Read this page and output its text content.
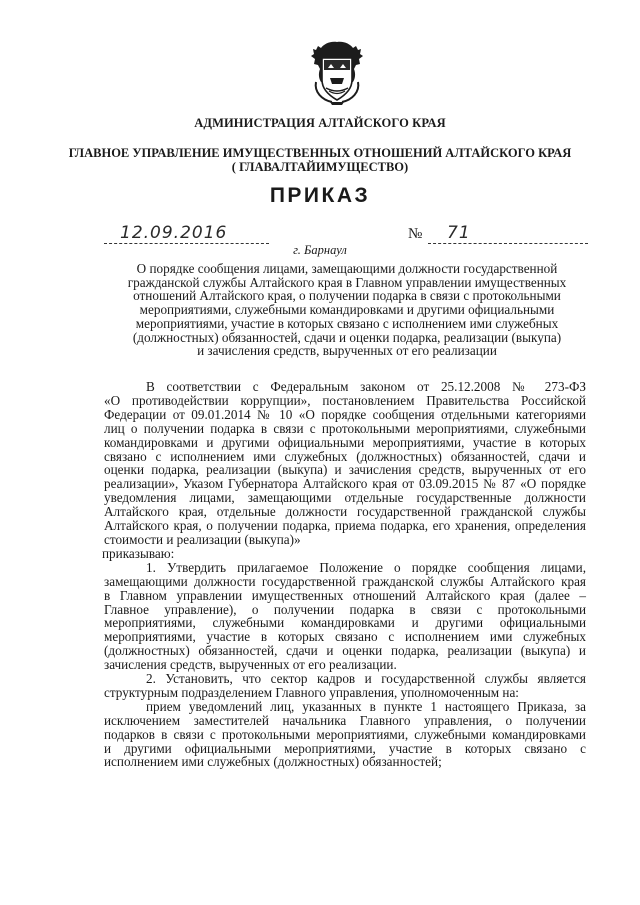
АДМИНИСТРАЦИЯ АЛТАЙСКОГО КРАЯ
ГЛАВНОЕ УПРАВЛЕНИЕ ИМУЩЕСТВЕННЫХ ОТНОШЕНИЙ АЛТАЙСКОГО КРАЯ
( ГЛАВАЛТАЙИМУЩЕСТВО)
ПРИКАЗ
12.09.2016	№ 71
г. Барнаул
О порядке сообщения лицами, замещающими должности государственной
гражданской службы Алтайского края в Главном управлении имущественных
отношений Алтайского края, о получении подарка в связи с протокольными
мероприятиями, служебными командировками и другими официальными
мероприятиями, участие в которых связано с исполнением ими служебных
(должностных) обязанностей, сдачи и оценки подарка, реализации (выкупа)
и зачисления средств, вырученных от его реализации
В соответствии с Федеральным законом от 25.12.2008 № 273-ФЗ
«О противодействии коррупции», постановлением Правительства Российской
Федерации от 09.01.2014 № 10 «О порядке сообщения отдельными категориями
лиц о получении подарка в связи с протокольными мероприятиями, служебными
командировками и другими официальными мероприятиями, участие в которых
связано с исполнением ими служебных (должностных) обязанностей, сдачи и
оценки подарка, реализации (выкупа) и зачисления средств, вырученных от его
реализации», Указом Губернатора Алтайского края от 03.09.2015 № 87 «О порядке
уведомления лицами, замещающими отдельные государственные должности
Алтайского края, отдельные должности государственной гражданской службы
Алтайского края, о получении подарка, приема подарка, его хранения, определения
стоимости и реализации (выкупа)»
приказываю:
1. Утвердить прилагаемое Положение о порядке сообщения лицами,
замещающими должности государственной гражданской службы Алтайского края
в Главном управлении имущественных отношений Алтайского края (далее –
Главное управление), о получении подарка в связи с протокольными
мероприятиями, служебными командировками и другими официальными
мероприятиями, участие в которых связано с исполнением ими служебных
(должностных) обязанностей, сдачи и оценки подарка, реализации (выкупа) и
зачисления средств, вырученных от его реализации.
2. Установить, что сектор кадров и государственной службы является
структурным подразделением Главного управления, уполномоченным на:
прием уведомлений лиц, указанных в пункте 1 настоящего Приказа, за
исключением заместителей начальника Главного управления, о получении
подарков в связи с протокольными мероприятиями, служебными командировками
и другими официальными мероприятиями, участие в которых связано с
исполнением ими служебных (должностных) обязанностей;
